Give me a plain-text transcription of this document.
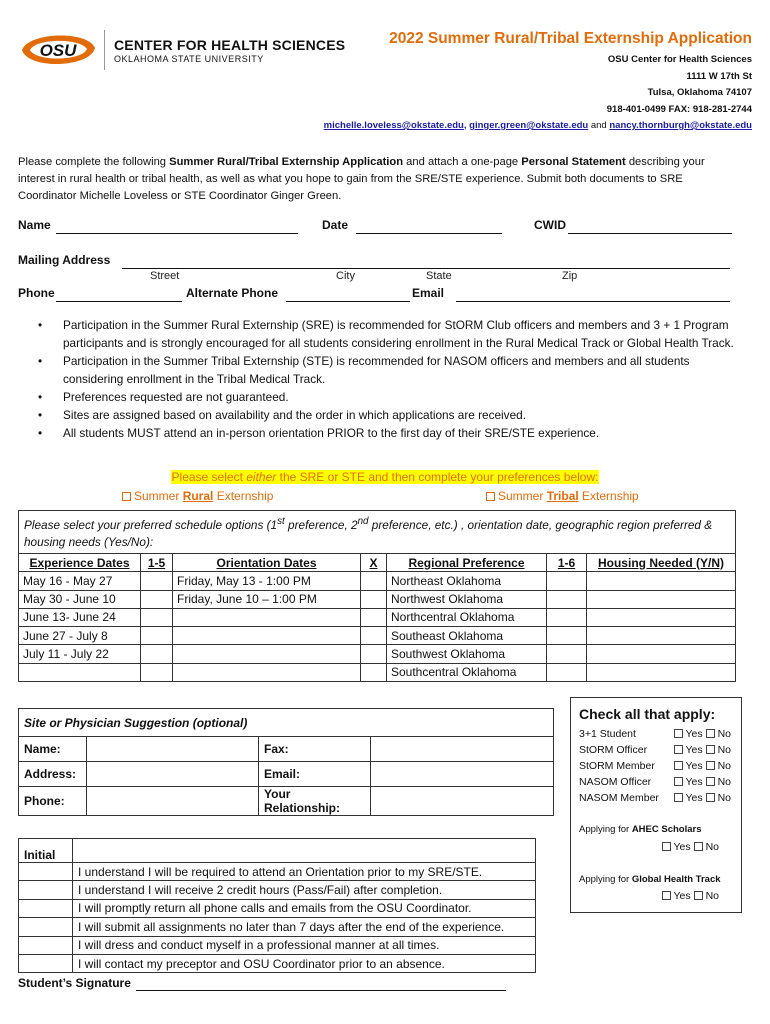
OSU	CENTER FOR HEALTH SCIENCES
OKLAHOMA STATE UNIVERSITY
2022 Summer Rural/Tribal Externship Application
OSU Center for Health Sciences
1111 W 17th St
Tulsa, Oklahoma 74107
918-401-0499 FAX: 918-281-2744
michelle.loveless@okstate.edu, ginger.green@okstate.edu and nancy.thornburgh@okstate.edu
Please complete the following Summer Rural/Tribal Externship Application and attach a one-page Personal Statement describing your interest in rural health or tribal health, as well as what you hope to gain from the SRE/STE experience. Submit both documents to SRE Coordinator Michelle Loveless or STE Coordinator Ginger Green.
Name	Date	CWID
Mailing Address
Street	City	State	Zip
Phone	Alternate Phone	Email
• Participation in the Summer Rural Externship (SRE) is recommended for StORM Club officers and members and 3 + 1 Program participants and is strongly encouraged for all students considering enrollment in the Rural Medical Track or Global Health Track.
• Participation in the Summer Tribal Externship (STE) is recommended for NASOM officers and members and all students considering enrollment in the Tribal Medical Track.
• Preferences requested are not guaranteed.
• Sites are assigned based on availability and the order in which applications are received.
• All students MUST attend an in-person orientation PRIOR to the first day of their SRE/STE experience.
Please select either the SRE or STE and then complete your preferences below:
Summer Rural Externship	Summer Tribal Externship
Please select your preferred schedule options (1st preference, 2nd preference, etc.) , orientation date, geographic region preferred & housing needs (Yes/No):						
Experience Dates	1-5	Orientation Dates	X	Regional Preference	1-6	Housing Needed (Y/N)
May 16 - May 27		Friday, May 13 - 1:00 PM		Northeast Oklahoma		
May 30 - June 10		Friday, June 10 – 1:00 PM		Northwest Oklahoma		
June 13- June 24				Northcentral Oklahoma		
June 27 - July 8				Southeast Oklahoma		
July 11 - July 22				Southwest Oklahoma		
				Southcentral Oklahoma		
Site or Physician Suggestion (optional)			
Name:		Fax:	
Address:		Email:	
Phone:		Your Relationship:	
Check all that apply:
3+1 Student	Yes No
StORM Officer	Yes No
StORM Member	Yes No
NASOM Officer	Yes No
NASOM Member	Yes No
Applying for AHEC Scholars
Yes No
Applying for Global Health Track
Yes No
Initial	
	I understand I will be required to attend an Orientation prior to my SRE/STE.
	I understand I will receive 2 credit hours (Pass/Fail) after completion.
	I will promptly return all phone calls and emails from the OSU Coordinator.
	I will submit all assignments no later than 7 days after the end of the experience.
	I will dress and conduct myself in a professional manner at all times.
	I will contact my preceptor and OSU Coordinator prior to an absence.
Student’s Signature
